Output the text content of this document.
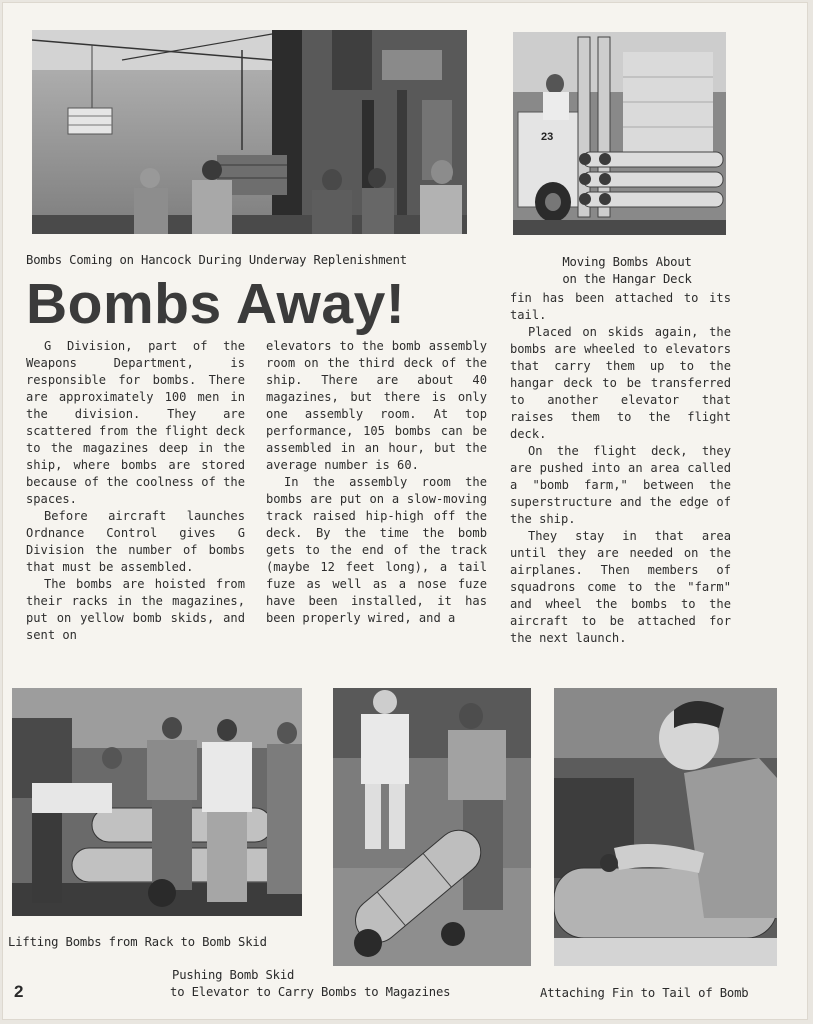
23
Bombs Coming on Hancock During Underway Replenishment	Moving Bombs About
on the Hangar Deck
Bombs Away!

G Division, part of the Weapons Department, is responsible for bombs. There are approximately 100 men in the division. They are scattered from the flight deck to the magazines deep in the ship, where bombs are stored because of the coolness of the spaces.

Before aircraft launches Ordnance Control gives G Division the number of bombs that must be assembled.

The bombs are hoisted from their racks in the magazines, put on yellow bomb skids, and sent on

elevators to the bomb assembly room on the third deck of the ship. There are about 40 magazines, but there is only one assembly room. At top performance, 105 bombs can be assembled in an hour, but the average number is 60.

In the assembly room the bombs are put on a slow-moving track raised hip-high off the deck. By the time the bomb gets to the end of the track (maybe 12 feet long), a tail fuze as well as a nose fuze have been installed, it has been properly wired, and a

fin has been attached to its tail.

Placed on skids again, the bombs are wheeled to elevators that carry them up to the hangar deck to be transferred to another elevator that raises them to the flight deck.

On the flight deck, they are pushed into an area called a "bomb farm," between the superstructure and the edge of the ship.

They stay in that area until they are needed on the airplanes. Then members of squadrons come to the "farm" and wheel the bombs to the aircraft to be attached for the next launch.

Lifting Bombs from Rack to Bomb Skid
Pushing Bomb Skid
to Elevator to Carry Bombs to Magazines	Attaching Fin to Tail of Bomb
2
